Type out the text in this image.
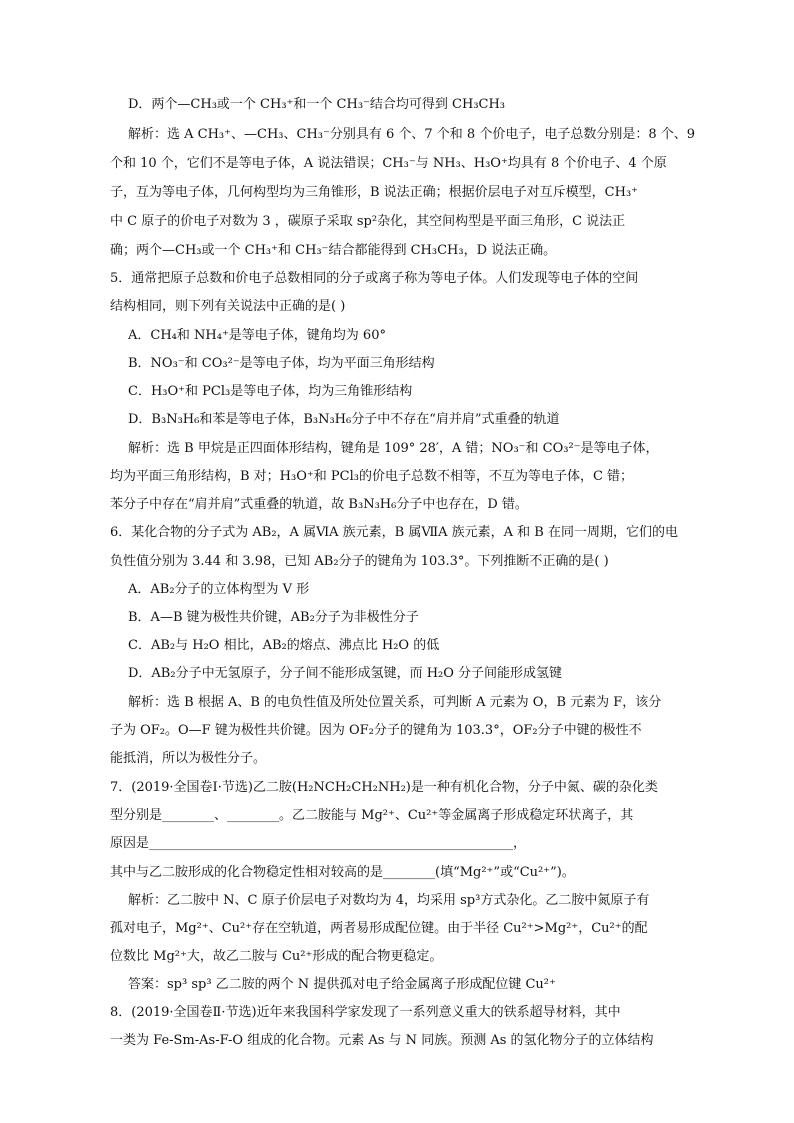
D．两个—CH₃或一个 CH₃⁺和一个 CH₃⁻结合均可得到 CH₃CH₃
解析：选 A CH₃⁺、—CH₃、CH₃⁻分别具有 6 个、7 个和 8 个价电子，电子总数分别是：8 个、9
个和 10 个，它们不是等电子体，A 说法错误；CH₃⁻与 NH₃、H₃O⁺均具有 8 个价电子、4 个原
子，互为等电子体，几何构型均为三角锥形，B 说法正确；根据价层电子对互斥模型，CH₃⁺
中 C 原子的价电子对数为 3 ，碳原子采取 sp²杂化，其空间构型是平面三角形，C 说法正
确；两个—CH₃或一个 CH₃⁺和 CH₃⁻结合都能得到 CH₃CH₃，D 说法正确。
5．通常把原子总数和价电子总数相同的分子或离子称为等电子体。人们发现等电子体的空间
结构相同，则下列有关说法中正确的是( )
A．CH₄和 NH₄⁺是等电子体，键角均为 60°
B．NO₃⁻和 CO₃²⁻是等电子体，均为平面三角形结构
C．H₃O⁺和 PCl₃是等电子体，均为三角锥形结构
D．B₃N₃H₆和苯是等电子体，B₃N₃H₆分子中不存在“肩并肩”式重叠的轨道
解析：选 B 甲烷是正四面体形结构，键角是 109° 28′，A 错；NO₃⁻和 CO₃²⁻是等电子体，
均为平面三角形结构，B 对；H₃O⁺和 PCl₃的价电子总数不相等，不互为等电子体，C 错；
苯分子中存在“肩并肩”式重叠的轨道，故 B₃N₃H₆分子中也存在，D 错。
6．某化合物的分子式为 AB₂，A 属ⅥA 族元素，B 属ⅦA 族元素，A 和 B 在同一周期，它们的电
负性值分别为 3.44 和 3.98，已知 AB₂分子的键角为 103.3°。下列推断不正确的是( )
A．AB₂分子的立体构型为 V 形
B．A—B 键为极性共价键，AB₂分子为非极性分子
C．AB₂与 H₂O 相比，AB₂的熔点、沸点比 H₂O 的低
D．AB₂分子中无氢原子，分子间不能形成氢键，而 H₂O 分子间能形成氢键
解析：选 B 根据 A、B 的电负性值及所处位置关系，可判断 A 元素为 O，B 元素为 F，该分
子为 OF₂。O—F 键为极性共价键。因为 OF₂分子的键角为 103.3°，OF₂分子中键的极性不
能抵消，所以为极性分子。
7．(2019·全国卷Ⅰ·节选)乙二胺(H₂NCH₂CH₂NH₂)是一种有机化合物，分子中氮、碳的杂化类
型分别是________、________。乙二胺能与 Mg²⁺、Cu²⁺等金属离子形成稳定环状离子，其
原因是________________________________________________________，
其中与乙二胺形成的化合物稳定性相对较高的是________(填“Mg²⁺”或“Cu²⁺”)。
解析：乙二胺中 N、C 原子价层电子对数均为 4，均采用 sp³方式杂化。乙二胺中氮原子有
孤对电子，Mg²⁺、Cu²⁺存在空轨道，两者易形成配位键。由于半径 Cu²⁺>Mg²⁺，Cu²⁺的配
位数比 Mg²⁺大，故乙二胺与 Cu²⁺形成的配合物更稳定。
答案：sp³ sp³ 乙二胺的两个 N 提供孤对电子给金属离子形成配位键 Cu²⁺
8．(2019·全国卷Ⅱ·节选)近年来我国科学家发现了一系列意义重大的铁系超导材料，其中
一类为 Fe-Sm-As-F-O 组成的化合物。元素 As 与 N 同族。预测 As 的氢化物分子的立体结构
